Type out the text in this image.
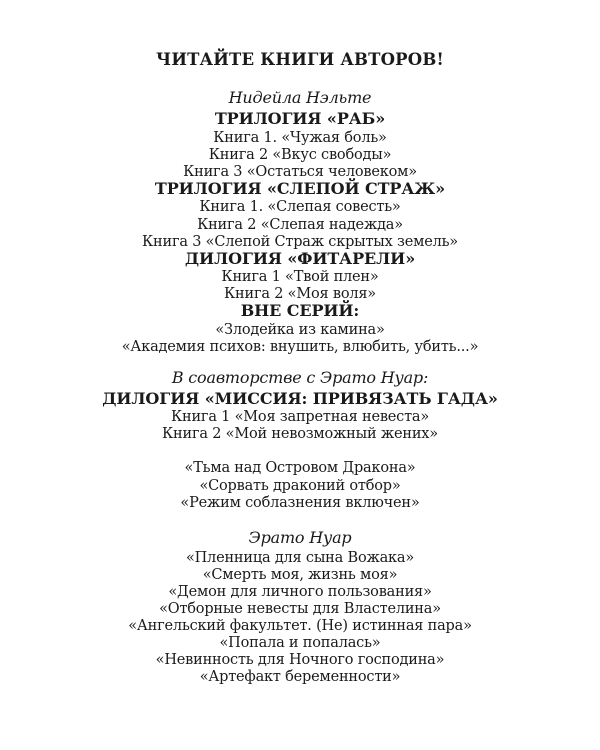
ЧИТАЙТЕ КНИГИ АВТОРОВ!
Нидейла Нэльте
ТРИЛОГИЯ «РАБ»
Книга 1. «Чужая боль»
Книга 2 «Вкус свободы»
Книга 3 «Остаться человеком»
ТРИЛОГИЯ «СЛЕПОЙ СТРАЖ»
Книга 1. «Слепая совесть»
Книга 2 «Слепая надежда»
Книга 3 «Слепой Страж скрытых земель»
ДИЛОГИЯ «ФИТАРЕЛИ»
Книга 1 «Твой плен»
Книга 2 «Моя воля»
ВНЕ СЕРИЙ:
«Злодейка из камина»
«Академия психов: внушить, влюбить, убить...»
В соавторстве с Эрато Нуар:
ДИЛОГИЯ «МИССИЯ: ПРИВЯЗАТЬ ГАДА»
Книга 1 «Моя запретная невеста»
Книга 2 «Мой невозможный жених»
«Тьма над Островом Дракона»
«Сорвать драконий отбор»
«Режим соблазнения включен»
Эрато Нуар
«Пленница для сына Вожака»
«Смерть моя, жизнь моя»
«Демон для личного пользования»
«Отборные невесты для Властелина»
«Ангельский факультет. (Не) истинная пара»
«Попала и попалась»
«Невинность для Ночного господина»
«Артефакт беременности»
